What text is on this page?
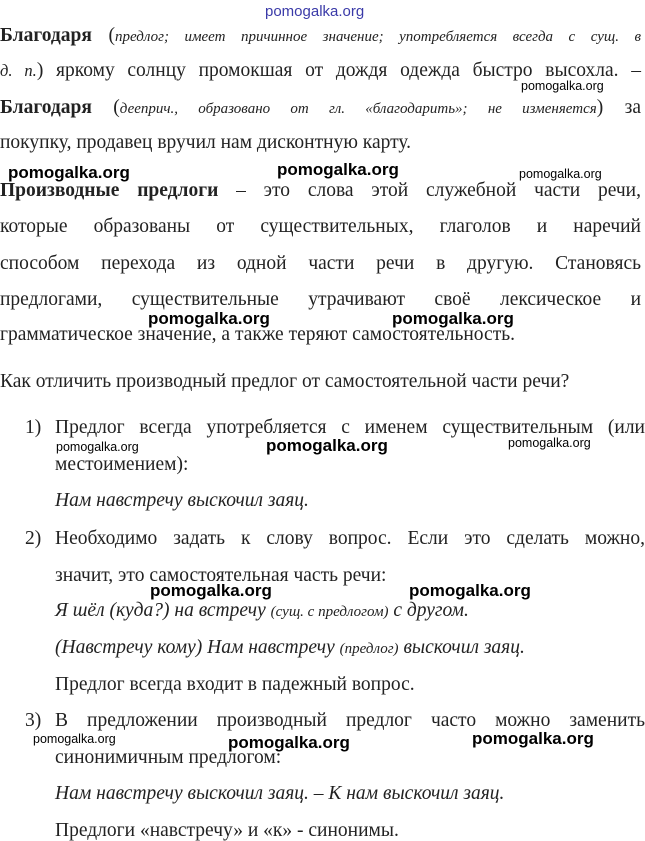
pomogalka.org
Благодаря (предлог; имеет причинное значение; употребляется всегда с сущ. в
д. п.) яркому солнцу промокшая от дождя одежда быстро высохла. –
Благодаря (дееприч., образовано от гл. «благодарить»; не изменяется) за
покупку, продавец вручил нам дисконтную карту.
Производные предлоги – это слова этой служебной части речи,
которые образованы от существительных, глаголов и наречий
способом перехода из одной части речи в другую. Становясь
предлогами, существительные утрачивают своё лексическое и
грамматическое значение, а также теряют самостоятельность.
Как отличить производный предлог от самостоятельной части речи?
1) Предлог всегда употребляется с именем существительным (или
местоимением):
Нам навстречу выскочил заяц.
2) Необходимо задать к слову вопрос. Если это сделать можно,
значит, это самостоятельная часть речи:
Я шёл (куда?) на встречу (сущ. с предлогом) с другом.
(Навстречу кому) Нам навстречу (предлог) выскочил заяц.
Предлог всегда входит в падежный вопрос.
3) В предложении производный предлог часто можно заменить
синонимичным предлогом:
Нам навстречу выскочил заяц. – К нам выскочил заяц.
Предлоги «навстречу» и «к» - синонимы.
pomogalka.org
pomogalka.org	pomogalka.org	pomogalka.org
pomogalka.org	pomogalka.org
pomogalka.org	pomogalka.org	pomogalka.org
pomogalka.org	pomogalka.org
pomogalka.org	pomogalka.org	pomogalka.org
